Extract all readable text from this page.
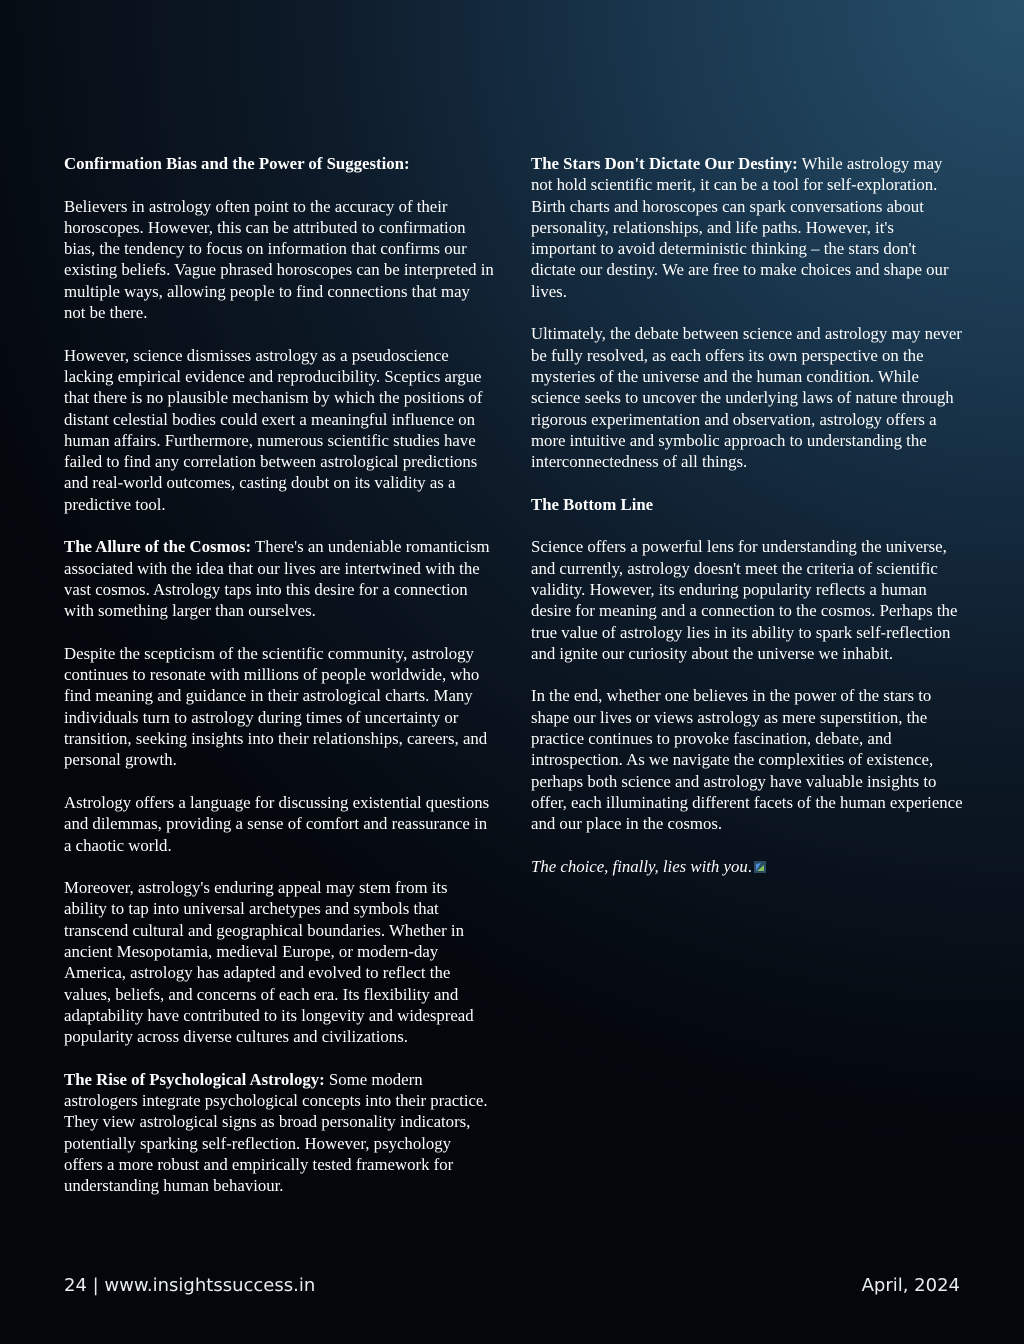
Confirmation Bias and the Power of Suggestion:

Believers in astrology often point to the accuracy of their horoscopes. However, this can be attributed to confirmation bias, the tendency to focus on information that confirms our existing beliefs. Vague phrased horoscopes can be interpreted in multiple ways, allowing people to find connections that may not be there.

However, science dismisses astrology as a pseudoscience lacking empirical evidence and reproducibility. Sceptics argue that there is no plausible mechanism by which the positions of distant celestial bodies could exert a meaningful influence on human affairs. Furthermore, numerous scientific studies have failed to find any correlation between astrological predictions and real-world outcomes, casting doubt on its validity as a predictive tool.

The Allure of the Cosmos: There's an undeniable romanticism associated with the idea that our lives are intertwined with the vast cosmos. Astrology taps into this desire for a connection with something larger than ourselves.

Despite the scepticism of the scientific community, astrology continues to resonate with millions of people worldwide, who find meaning and guidance in their astrological charts. Many individuals turn to astrology during times of uncertainty or transition, seeking insights into their relationships, careers, and personal growth.

Astrology offers a language for discussing existential questions and dilemmas, providing a sense of comfort and reassurance in a chaotic world.

Moreover, astrology's enduring appeal may stem from its ability to tap into universal archetypes and symbols that transcend cultural and geographical boundaries. Whether in ancient Mesopotamia, medieval Europe, or modern-day America, astrology has adapted and evolved to reflect the values, beliefs, and concerns of each era. Its flexibility and adaptability have contributed to its longevity and widespread popularity across diverse cultures and civilizations.

The Rise of Psychological Astrology: Some modern astrologers integrate psychological concepts into their practice. They view astrological signs as broad personality indicators, potentially sparking self-reflection. However, psychology offers a more robust and empirically tested framework for understanding human behaviour.

The Stars Don't Dictate Our Destiny: While astrology may not hold scientific merit, it can be a tool for self-exploration. Birth charts and horoscopes can spark conversations about personality, relationships, and life paths. However, it's important to avoid deterministic thinking – the stars don't dictate our destiny. We are free to make choices and shape our lives.

Ultimately, the debate between science and astrology may never be fully resolved, as each offers its own perspective on the mysteries of the universe and the human condition. While science seeks to uncover the underlying laws of nature through rigorous experimentation and observation, astrology offers a more intuitive and symbolic approach to understanding the interconnectedness of all things.

The Bottom Line

Science offers a powerful lens for understanding the universe, and currently, astrology doesn't meet the criteria of scientific validity. However, its enduring popularity reflects a human desire for meaning and a connection to the cosmos. Perhaps the true value of astrology lies in its ability to spark self-reflection and ignite our curiosity about the universe we inhabit.

In the end, whether one believes in the power of the stars to shape our lives or views astrology as mere superstition, the practice continues to provoke fascination, debate, and introspection. As we navigate the complexities of existence, perhaps both science and astrology have valuable insights to offer, each illuminating different facets of the human experience and our place in the cosmos.

The choice, finally, lies with you.

24 | www.insightssuccess.in	April, 2024
